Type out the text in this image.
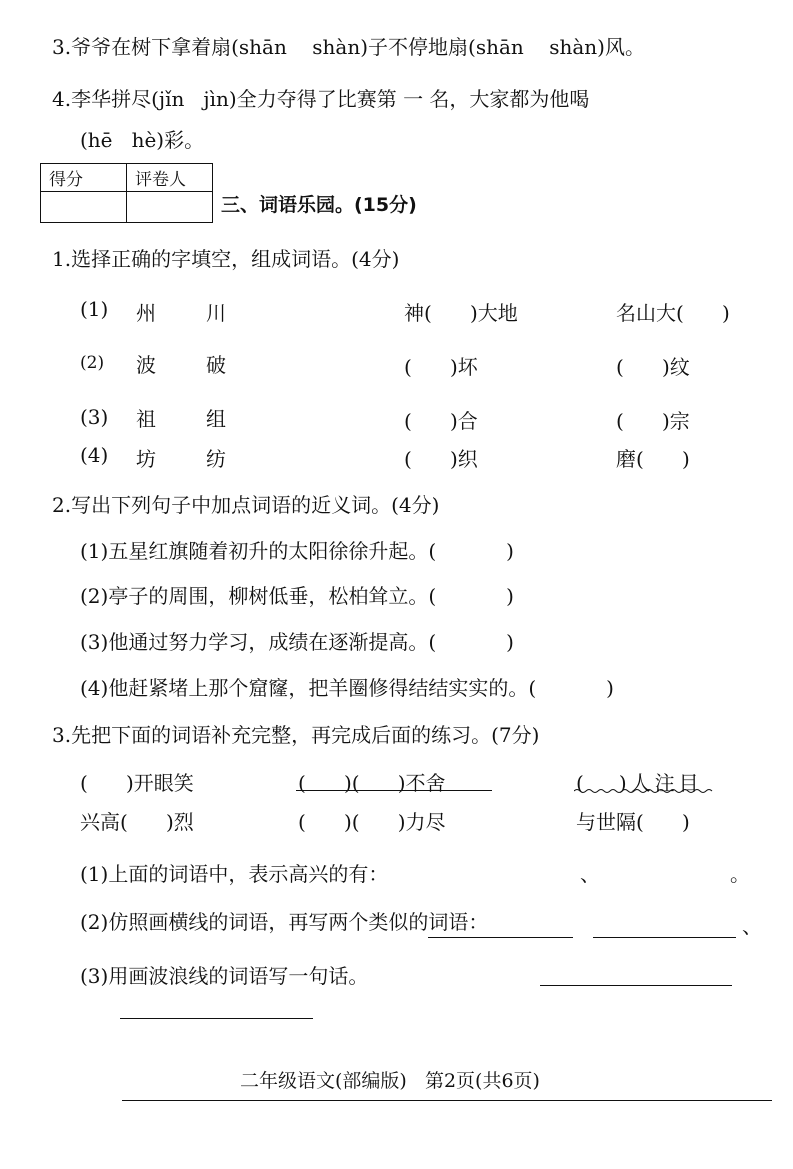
3.爷爷在树下拿着扇(shān    shàn)子不停地扇(shān    shàn)风。
4.李华拼尽(jǐn   jìn)全力夺得了比赛第 一 名，大家都为他喝
(hē   hè)彩。
得分	评卷人

三、词语乐园。(15分)
1.选择正确的字填空，组成词语。(4分)
(1) 州	川	神(      )大地	名山大(      )
(2) 波	破	(      )坏	(      )纹
(3) 祖	组	(      )合	(      )宗
(4) 坊	纺	(      )织	磨(      )
2.写出下列句子中加点词语的近义词。(4分)
(1)五星红旗随着初升的太阳徐徐升起。(           )
(2)亭子的周围，柳树低垂，松柏耸立。(           )
(3)他通过努力学习，成绩在逐渐提高。(           )
(4)他赶紧堵上那个窟窿，把羊圈修得结结实实的。(           )
3.先把下面的词语补充完整，再完成后面的练习。(7分)
(      )开眼笑	(      )(      )不舍	(   )人注目
兴高(      )烈	(      )(      )力尽	与世隔(      )
(1)上面的词语中，表示高兴的有：	、	。
(2)仿照画横线的词语，再写两个类似的词语：	、
(3)用画波浪线的词语写一句话。
二年级语文(部编版)   第2页(共6页)
